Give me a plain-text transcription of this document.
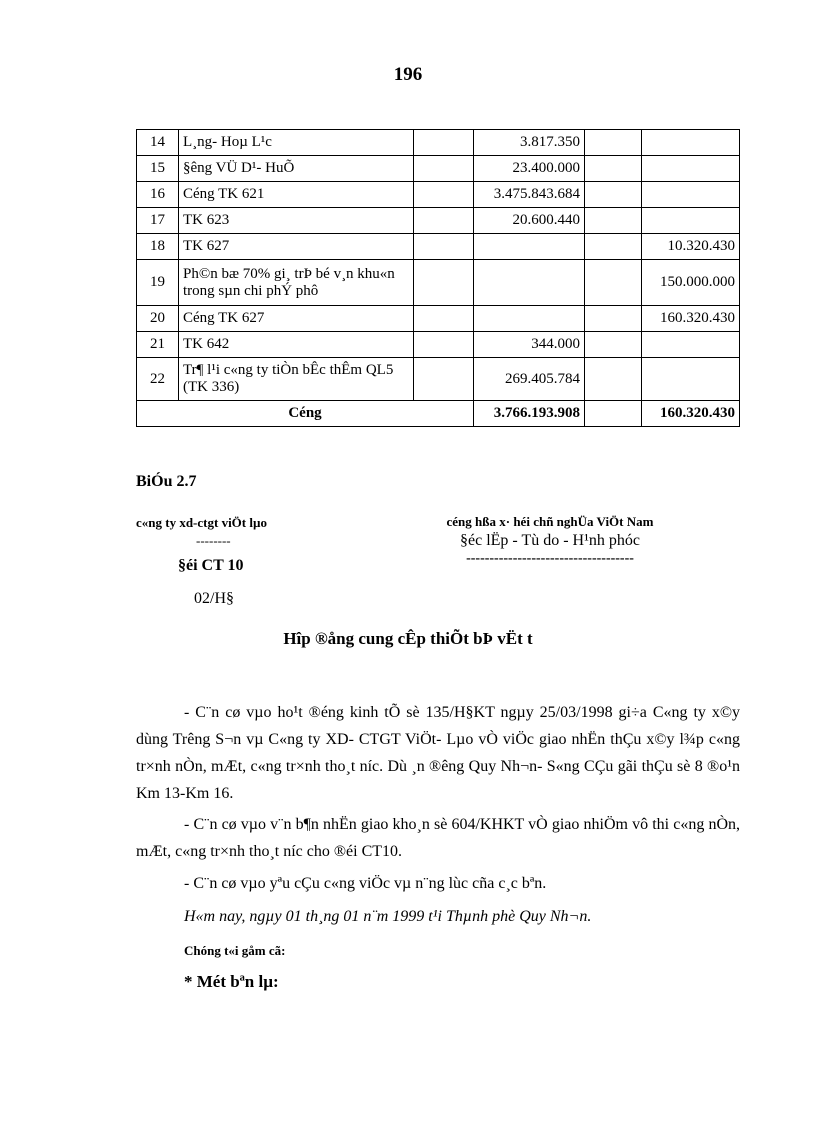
196
14	L¸ng- Hoµ L¹c		3.817.350		
15	§êng VÜ D¹- HuÕ		23.400.000		
16	Céng TK 621		3.475.843.684		
17	TK 623		20.600.440		
18	TK 627				10.320.430
19	Ph©n bæ 70% gi¸ trÞ bé v¸n khu«n trong sµn chi phÝ phô				150.000.000
20	Céng TK 627				160.320.430
21	TK 642		344.000		
22	Tr¶ l¹i c«ng ty tiÒn bÊc thÊm QL5 (TK 336)		269.405.784		
Céng			3.766.193.908		160.320.430
BiÓu 2.7
c«ng ty xd-ctgt viÖt lµo
--------
§éi CT 10
02/H§
céng hßa x· héi chñ nghÜa ViÖt Nam
§éc lËp - Tù do - H¹nh phóc
------------------------------------
Hîp ®ång cung cÊp thiÕt bÞ vËt t
- C¨n cø vµo ho¹t ®éng kinh tÕ sè 135/H§KT ngµy 25/03/1998 gi÷a C«ng ty x©y dùng Trêng S¬n vµ C«ng ty XD- CTGT ViÖt- Lµo vÒ viÖc giao nhËn thÇu x©y l¾p c«ng tr×nh nÒn, mÆt, c«ng tr×nh tho¸t níc. Dù ¸n ®êng Quy Nh¬n- S«ng CÇu gãi thÇu sè 8 ®o¹n Km 13-Km 16.
- C¨n cø vµo v¨n b¶n nhËn giao kho¸n sè 604/KHKT vÒ giao nhiÖm vô thi c«ng nÒn, mÆt, c«ng tr×nh tho¸t níc cho ®éi CT10.
- C¨n cø vµo yªu cÇu c«ng viÖc vµ n¨ng lùc cña c¸c bªn.
H«m nay, ngµy 01 th¸ng 01 n¨m 1999 t¹i Thµnh phè Quy Nh¬n.
Chóng t«i gåm cã:
* Mét bªn lµ:
